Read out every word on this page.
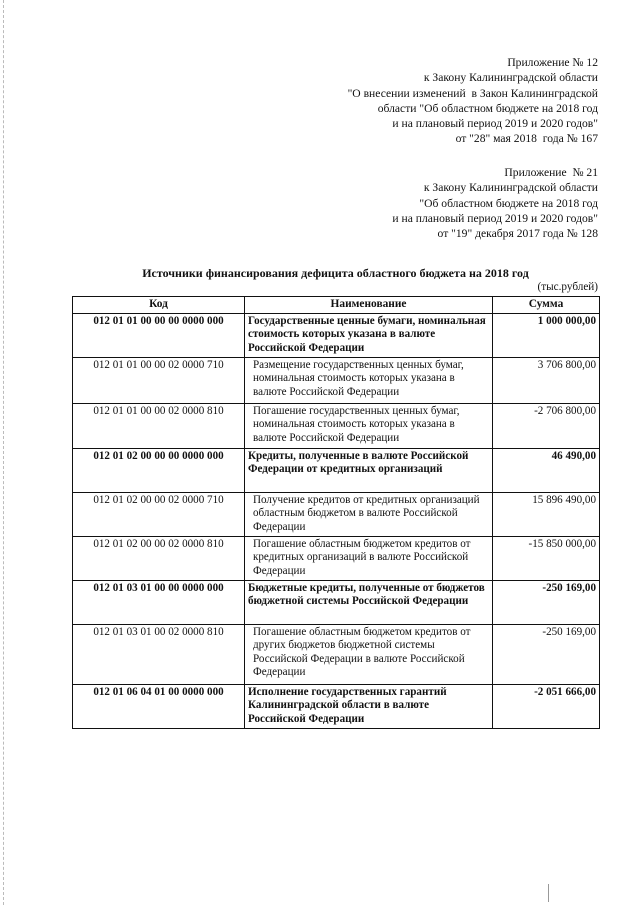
Приложение № 12
к Закону Калининградской области
"О внесении изменений  в Закон Калининградской
области "Об областном бюджете на 2018 год
и на плановый период 2019 и 2020 годов"
от "28" мая 2018  года № 167
Приложение  № 21
к Закону Калининградской области
"Об областном бюджете на 2018 год
и на плановый период 2019 и 2020 годов"
от "19" декабря 2017 года № 128
Источники финансирования дефицита областного бюджета на 2018 год
(тыс.рублей)
Код	Наименование	Сумма
012 01 01 00 00 00 0000 000	Государственные ценные бумаги, номинальная стоимость которых указана в валюте Российской Федерации	1 000 000,00
012 01 01 00 00 02 0000 710	Размещение государственных ценных бумаг, номинальная стоимость которых указана в валюте Российской Федерации	3 706 800,00
012 01 01 00 00 02 0000 810	Погашение государственных ценных бумаг, номинальная стоимость которых указана в валюте Российской Федерации	-2 706 800,00
012 01 02 00 00 00 0000 000	Кредиты, полученные в валюте Российской Федерации от кредитных организаций	46 490,00
012 01 02 00 00 02 0000 710	Получение кредитов от кредитных организаций областным бюджетом в валюте Российской Федерации	15 896 490,00
012 01 02 00 00 02 0000 810	Погашение областным бюджетом кредитов от кредитных организаций в валюте Российской Федерации	-15 850 000,00
012 01 03 01 00 00 0000 000	Бюджетные кредиты, полученные от бюджетов бюджетной системы Российской Федерации	-250 169,00
012 01 03 01 00 02 0000 810	Погашение областным бюджетом кредитов от других бюджетов бюджетной системы Российской Федерации в валюте Российской Федерации	-250 169,00
012 01 06 04 01 00 0000 000	Исполнение государственных гарантий Калининградской области в валюте Российской Федерации	-2 051 666,00
